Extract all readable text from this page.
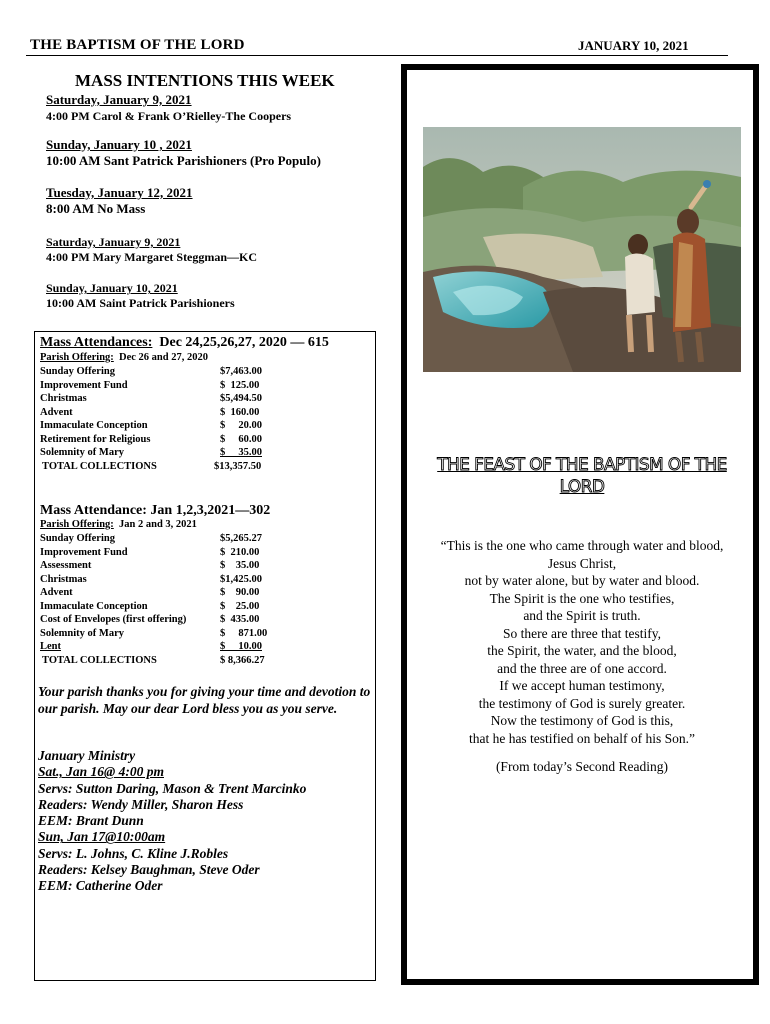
THE BAPTISM OF THE LORD	JANUARY 10, 2021
MASS INTENTIONS THIS WEEK
Saturday, January 9, 2021
4:00 PM Carol & Frank O’Rielley-The Coopers
Sunday, January 10 , 2021
10:00 AM Sant Patrick Parishioners (Pro Populo)
Tuesday, January 12, 2021
8:00 AM No Mass
Saturday, January 9, 2021
4:00 PM Mary Margaret Steggman—KC
Sunday, January 10, 2021
10:00 AM Saint Patrick Parishioners
Mass Attendances:  Dec 24,25,26,27, 2020 — 615
Parish Offering:  Dec 26 and 27, 2020
Sunday Offering	$7,463.00
Improvement Fund	$  125.00
Christmas	$5,494.50
Advent	$  160.00
Immaculate Conception	$     20.00
Retirement for Religious	$     60.00
Solemnity of Mary	$     35.00
TOTAL COLLECTIONS	$13,357.50
Mass Attendance: Jan 1,2,3,2021—302
Parish Offering:  Jan 2 and 3, 2021
Sunday Offering	$5,265.27
Improvement Fund	$  210.00
Assessment	$    35.00
Christmas	$1,425.00
Advent	$    90.00
Immaculate Conception	$    25.00
Cost of Envelopes (first offering)	$  435.00
Solemnity of Mary	$     871.00
Lent	$     10.00
TOTAL COLLECTIONS	$ 8,366.27
Your parish thanks you for giving your time and devotion to our parish. May our dear Lord bless you as you serve.
January Ministry
Sat., Jan 16@ 4:00 pm
Servs: Sutton Daring, Mason & Trent Marcinko
Readers: Wendy Miller, Sharon Hess
EEM: Brant Dunn
Sun, Jan 17@10:00am
Servs: L. Johns, C. Kline J.Robles
Readers: Kelsey Baughman, Steve Oder
EEM: Catherine Oder
THE FEAST OF THE BAPTISM OF THE
LORD
“This is the one who came through water and blood,
Jesus Christ,
not by water alone, but by water and blood.
The Spirit is the one who testifies,
and the Spirit is truth.
So there are three that testify,
the Spirit, the water, and the blood,
and the three are of one accord.
If we accept human testimony,
the testimony of God is surely greater.
Now the testimony of God is this,
that he has testified on behalf of his Son.”
(From today’s Second Reading)
